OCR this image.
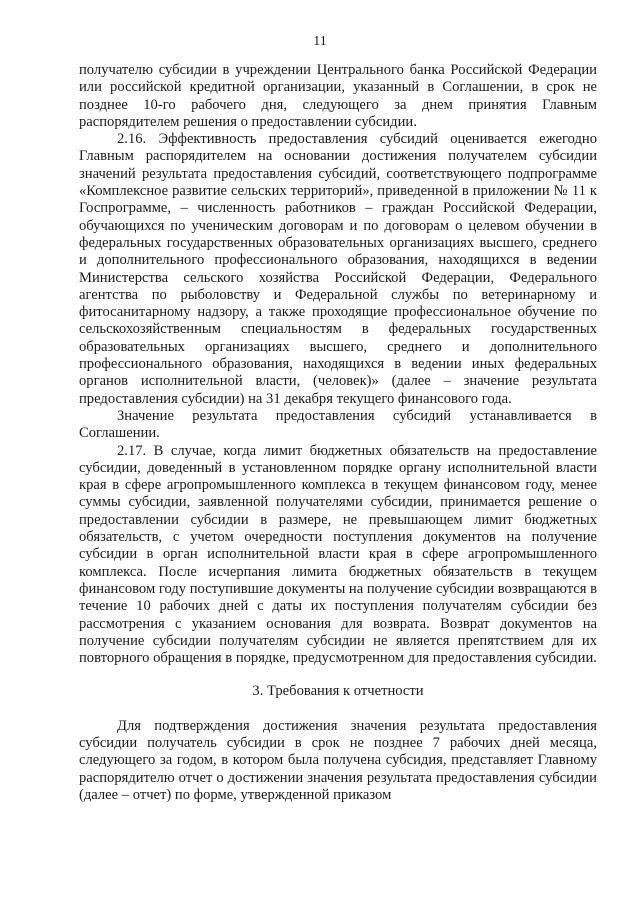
11

получателю субсидии в учреждении Центрального банка Российской Федерации или российской кредитной организации, указанный в Соглашении, в срок не позднее 10-го рабочего дня, следующего за днем принятия Главным распорядителем решения о предоставлении субсидии.

2.16. Эффективность предоставления субсидий оценивается ежегодно Главным распорядителем на основании достижения получателем субсидии значений результата предоставления субсидий, соответствующего подпрограмме «Комплексное развитие сельских территорий», приведенной в приложении № 11 к Госпрограмме, – численность работников – граждан Российской Федерации, обучающихся по ученическим договорам и по договорам о целевом обучении в федеральных государственных образовательных организациях высшего, среднего и дополнительного профессионального образования, находящихся в ведении Министерства сельского хозяйства Российской Федерации, Федерального агентства по рыболовству и Федеральной службы по ветеринарному и фитосанитарному надзору, а также проходящие профессиональное обучение по сельскохозяйственным специальностям в федеральных государственных образовательных организациях высшего, среднего и дополнительного профессионального образования, находящихся в ведении иных федеральных органов исполнительной власти, (человек)» (далее – значение результата предоставления субсидии) на 31 декабря текущего финансового года.

Значение результата предоставления субсидий устанавливается в Соглашении.

2.17. В случае, когда лимит бюджетных обязательств на предоставление субсидии, доведенный в установленном порядке органу исполнительной власти края в сфере агропромышленного комплекса в текущем финансовом году, менее суммы субсидии, заявленной получателями субсидии, принимается решение о предоставлении субсидии в размере, не превышающем лимит бюджетных обязательств, с учетом очередности поступления документов на получение субсидии в орган исполнительной власти края в сфере агропромышленного комплекса. После исчерпания лимита бюджетных обязательств в текущем финансовом году поступившие документы на получение субсидии возвращаются в течение 10 рабочих дней с даты их поступления получателям субсидии без рассмотрения с указанием основания для возврата. Возврат документов на получение субсидии получателям субсидии не является препятствием для их повторного обращения в порядке, предусмотренном для предоставления субсидии.

3. Требования к отчетности

Для подтверждения достижения значения результата предоставления субсидии получатель субсидии в срок не позднее 7 рабочих дней месяца, следующего за годом, в котором была получена субсидия, представляет Главному распорядителю отчет о достижении значения результата предоставления субсидии (далее – отчет) по форме, утвержденной приказом
